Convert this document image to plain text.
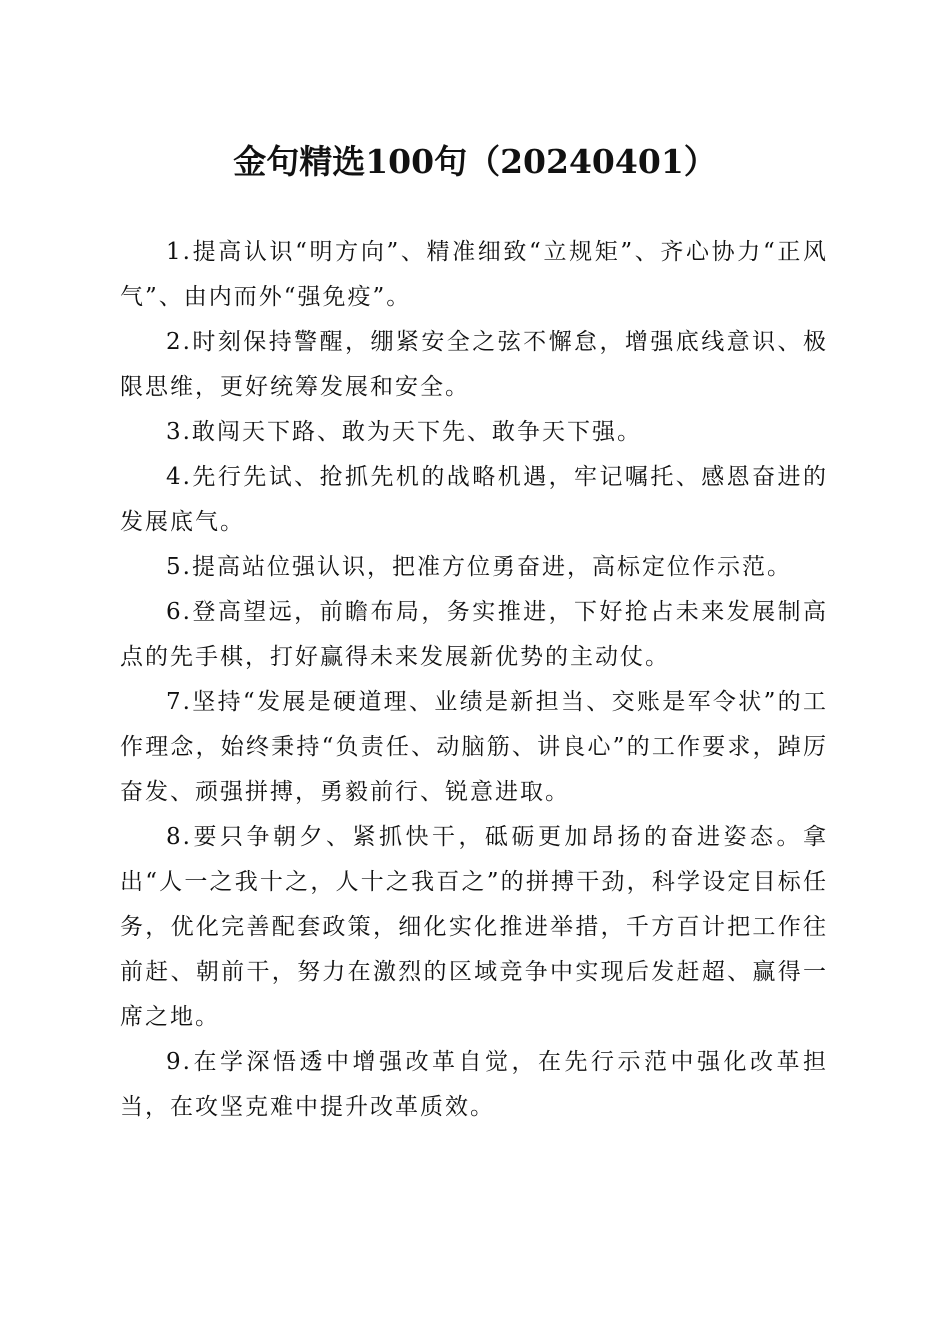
金句精选100句（20240401）

1.提高认识“明方向”、精准细致“立规矩”、齐心协力“正风气”、由内而外“强免疫”。

2.时刻保持警醒，绷紧安全之弦不懈怠，增强底线意识、极限思维，更好统筹发展和安全。

3.敢闯天下路、敢为天下先、敢争天下强。

4.先行先试、抢抓先机的战略机遇，牢记嘱托、感恩奋进的发展底气。

5.提高站位强认识，把准方位勇奋进，高标定位作示范。

6.登高望远，前瞻布局，务实推进，下好抢占未来发展制高点的先手棋，打好赢得未来发展新优势的主动仗。

7.坚持“发展是硬道理、业绩是新担当、交账是军令状”的工作理念，始终秉持“负责任、动脑筋、讲良心”的工作要求，踔厉奋发、顽强拼搏，勇毅前行、锐意进取。

8.要只争朝夕、紧抓快干，砥砺更加昂扬的奋进姿态。拿出“人一之我十之，人十之我百之”的拼搏干劲，科学设定目标任务，优化完善配套政策，细化实化推进举措，千方百计把工作往前赶、朝前干，努力在激烈的区域竞争中实现后发赶超、赢得一席之地。

9.在学深悟透中增强改革自觉，在先行示范中强化改革担当，在攻坚克难中提升改革质效。
